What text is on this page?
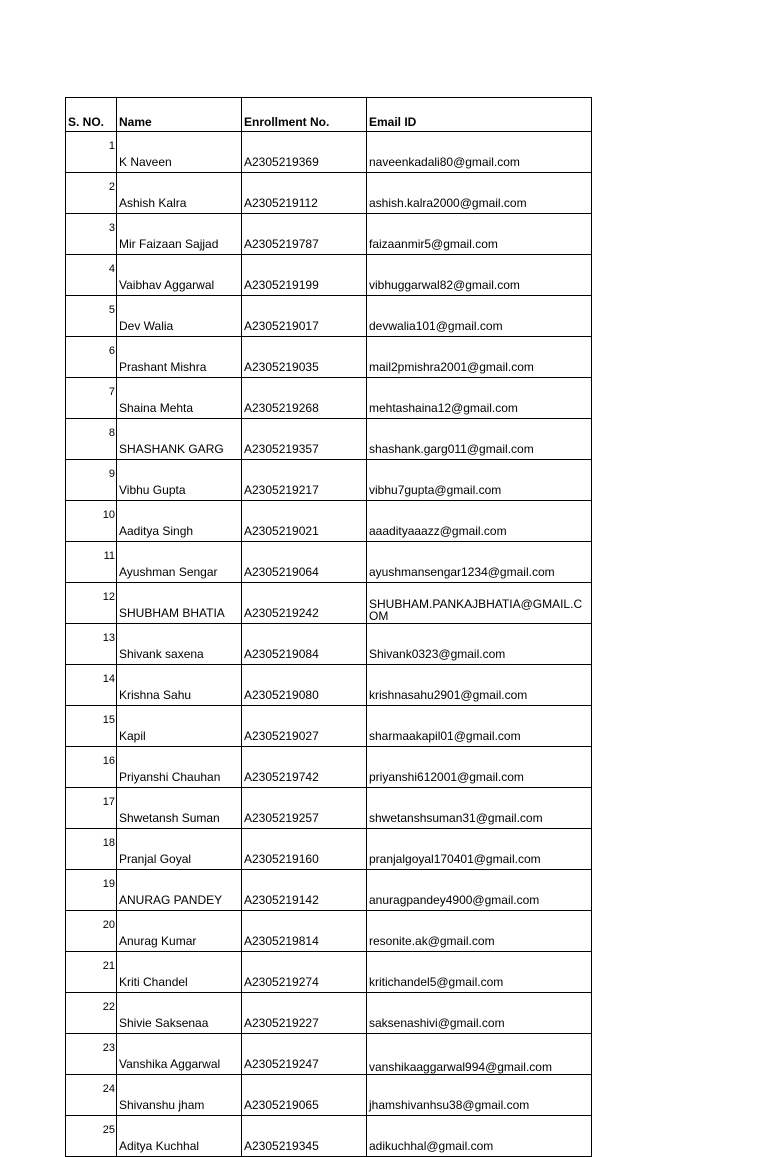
S. NO.	Name	Enrollment No.	Email ID
1	K Naveen	A2305219369	naveenkadali80@gmail.com
2	Ashish Kalra	A2305219112	ashish.kalra2000@gmail.com
3	Mir Faizaan Sajjad	A2305219787	faizaanmir5@gmail.com
4	Vaibhav Aggarwal	A2305219199	vibhuggarwal82@gmail.com
5	Dev Walia	A2305219017	devwalia101@gmail.com
6	Prashant Mishra	A2305219035	mail2pmishra2001@gmail.com
7	Shaina Mehta	A2305219268	mehtashaina12@gmail.com
8	SHASHANK GARG	A2305219357	shashank.garg011@gmail.com
9	Vibhu Gupta	A2305219217	vibhu7gupta@gmail.com
10	Aaditya Singh	A2305219021	aaadityaaazz@gmail.com
11	Ayushman Sengar	A2305219064	ayushmansengar1234@gmail.com
12	SHUBHAM BHATIA	A2305219242	SHUBHAM.PANKAJBHATIA@GMAIL.COM
13	Shivank saxena	A2305219084	Shivank0323@gmail.com
14	Krishna Sahu	A2305219080	krishnasahu2901@gmail.com
15	Kapil	A2305219027	sharmaakapil01@gmail.com
16	Priyanshi Chauhan	A2305219742	priyanshi612001@gmail.com
17	Shwetansh Suman	A2305219257	shwetanshsuman31@gmail.com
18	Pranjal Goyal	A2305219160	pranjalgoyal170401@gmail.com
19	ANURAG PANDEY	A2305219142	anuragpandey4900@gmail.com
20	Anurag Kumar	A2305219814	resonite.ak@gmail.com
21	Kriti Chandel	A2305219274	kritichandel5@gmail.com
22	Shivie Saksenaa	A2305219227	saksenashivi@gmail.com
23	Vanshika Aggarwal	A2305219247	vanshikaaggarwal994@gmail.com
24	Shivanshu jham	A2305219065	jhamshivanhsu38@gmail.com
25	Aditya Kuchhal	A2305219345	adikuchhal@gmail.com
